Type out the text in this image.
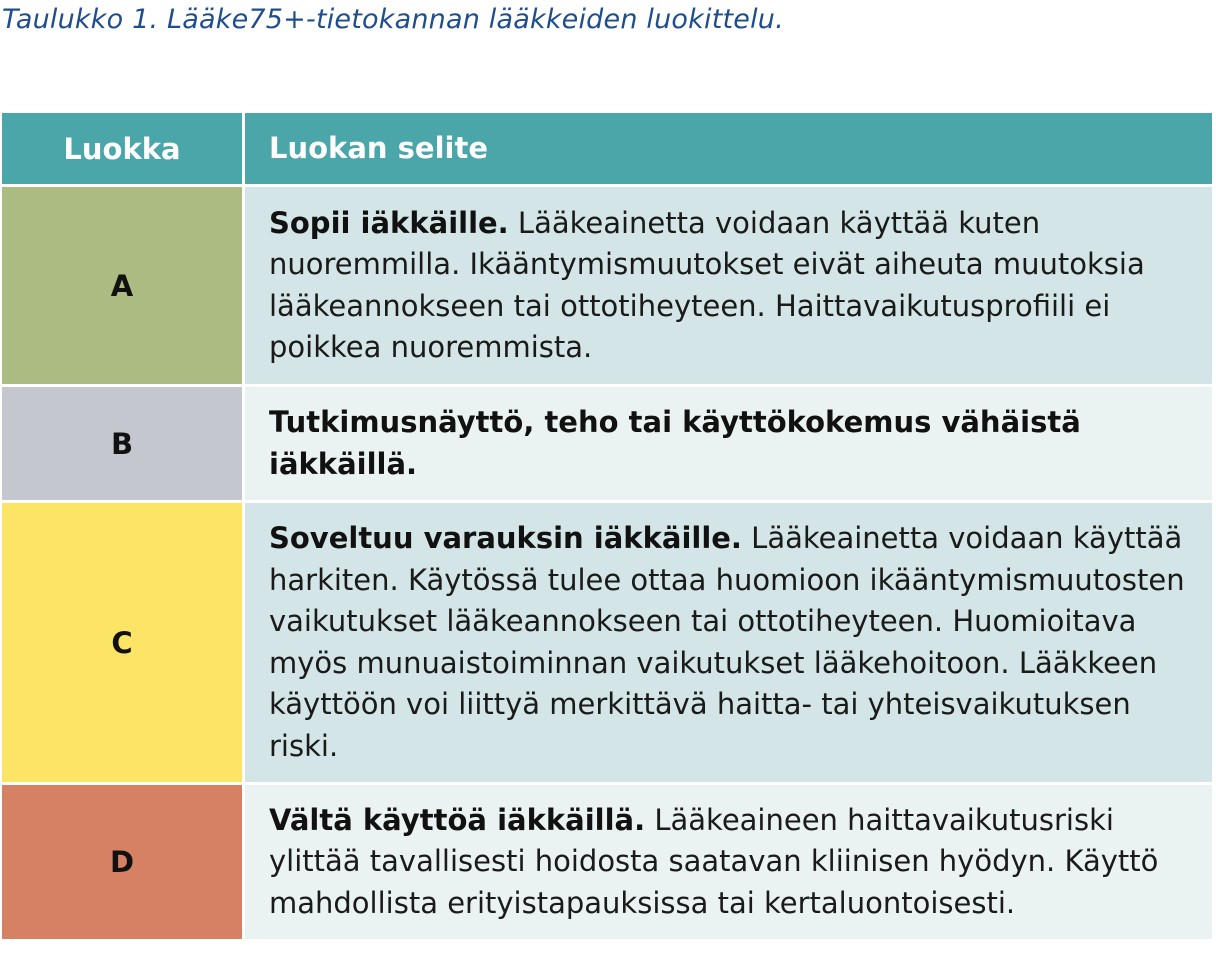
Taulukko 1. Lääke75+-tietokannan lääkkeiden luokittelu.
Luokka	Luokan selite
A
Sopii iäkkäille. Lääkeainetta voidaan käyttää kuten nuoremmilla. Ikääntymismuutokset eivät aiheuta muutoksia lääkeannokseen tai ottotiheyteen. Haittavaikutusprofiili ei poikkea nuoremmista.
B
Tutkimusnäyttö, teho tai käyttökokemus vähäistä iäkkäillä.
C
Soveltuu varauksin iäkkäille. Lääkeainetta voidaan käyttää harkiten. Käytössä tulee ottaa huomioon ikääntymismuutosten vaikutukset lääkeannokseen tai ottotiheyteen. Huomioitava myös munuaistoiminnan vaikutukset lääkehoitoon. Lääkkeen käyttöön voi liittyä merkittävä haitta- tai yhteisvaikutuksen riski.
D
Vältä käyttöä iäkkäillä. Lääkeaineen haittavaikutusriski ylittää tavallisesti hoidosta saatavan kliinisen hyödyn. Käyttö mahdollista erityistapauksissa tai kertaluontoisesti.
